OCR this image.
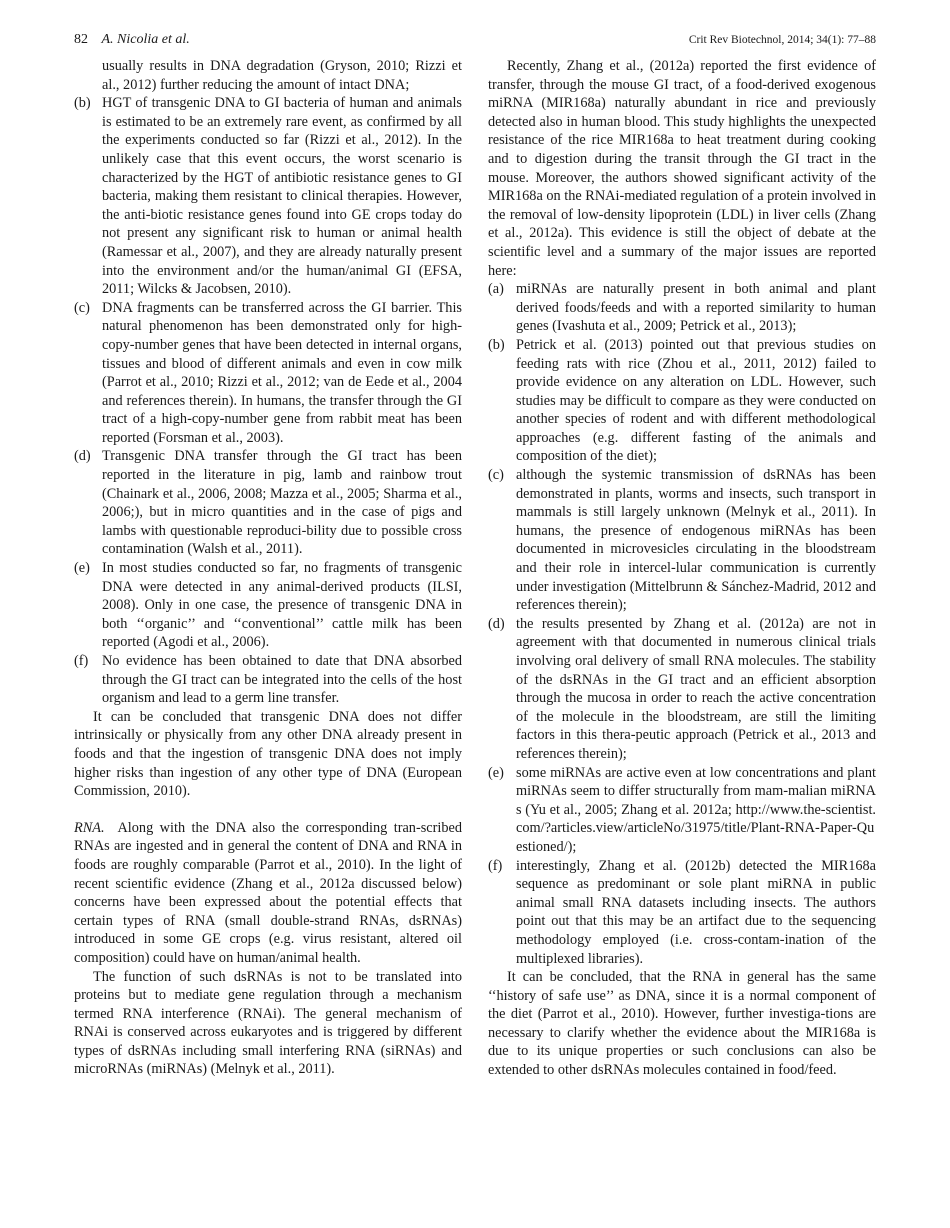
82 A. Nicolia et al.	Crit Rev Biotechnol, 2014; 34(1): 77–88

usually results in DNA degradation (Gryson, 2010; Rizzi et al., 2012) further reducing the amount of intact DNA;

(b) HGT of transgenic DNA to GI bacteria of human and animals is estimated to be an extremely rare event, as confirmed by all the experiments conducted so far (Rizzi et al., 2012). In the unlikely case that this event occurs, the worst scenario is characterized by the HGT of antibiotic resistance genes to GI bacteria, making them resistant to clinical therapies. However, the anti-biotic resistance genes found into GE crops today do not present any significant risk to human or animal health (Ramessar et al., 2007), and they are already naturally present into the environment and/or the human/animal GI (EFSA, 2011; Wilcks & Jacobsen, 2010).
(c) DNA fragments can be transferred across the GI barrier. This natural phenomenon has been demonstrated only for high-copy-number genes that have been detected in internal organs, tissues and blood of different animals and even in cow milk (Parrot et al., 2010; Rizzi et al., 2012; van de Eede et al., 2004 and references therein). In humans, the transfer through the GI tract of a high-copy-number gene from rabbit meat has been reported (Forsman et al., 2003).
(d) Transgenic DNA transfer through the GI tract has been reported in the literature in pig, lamb and rainbow trout (Chainark et al., 2006, 2008; Mazza et al., 2005; Sharma et al., 2006;), but in micro quantities and in the case of pigs and lambs with questionable reproduci-bility due to possible cross contamination (Walsh et al., 2011).
(e) In most studies conducted so far, no fragments of transgenic DNA were detected in any animal-derived products (ILSI, 2008). Only in one case, the presence of transgenic DNA in both ‘‘organic’’ and ‘‘conventional’’ cattle milk has been reported (Agodi et al., 2006).
(f) No evidence has been obtained to date that DNA absorbed through the GI tract can be integrated into the cells of the host organism and lead to a germ line transfer.

It can be concluded that transgenic DNA does not differ intrinsically or physically from any other DNA already present in foods and that the ingestion of transgenic DNA does not imply higher risks than ingestion of any other type of DNA (European Commission, 2010).

RNA. Along with the DNA also the corresponding tran-scribed RNAs are ingested and in general the content of DNA and RNA in foods are roughly comparable (Parrot et al., 2010). In the light of recent scientific evidence (Zhang et al., 2012a discussed below) concerns have been expressed about the potential effects that certain types of RNA (small double-strand RNAs, dsRNAs) introduced in some GE crops (e.g. virus resistant, altered oil composition) could have on human/animal health.

The function of such dsRNAs is not to be translated into proteins but to mediate gene regulation through a mechanism termed RNA interference (RNAi). The general mechanism of RNAi is conserved across eukaryotes and is triggered by different types of dsRNAs including small interfering RNA (siRNAs) and microRNAs (miRNAs) (Melnyk et al., 2011).

Recently, Zhang et al., (2012a) reported the first evidence of transfer, through the mouse GI tract, of a food-derived exogenous miRNA (MIR168a) naturally abundant in rice and previously detected also in human blood. This study highlights the unexpected resistance of the rice MIR168a to heat treatment during cooking and to digestion during the transit through the GI tract in the mouse. Moreover, the authors showed significant activity of the MIR168a on the RNAi-mediated regulation of a protein involved in the removal of low-density lipoprotein (LDL) in liver cells (Zhang et al., 2012a). This evidence is still the object of debate at the scientific level and a summary of the major issues are reported here:

(a) miRNAs are naturally present in both animal and plant derived foods/feeds and with a reported similarity to human genes (Ivashuta et al., 2009; Petrick et al., 2013);
(b) Petrick et al. (2013) pointed out that previous studies on feeding rats with rice (Zhou et al., 2011, 2012) failed to provide evidence on any alteration on LDL. However, such studies may be difficult to compare as they were conducted on another species of rodent and with different methodological approaches (e.g. different fasting of the animals and composition of the diet);
(c) although the systemic transmission of dsRNAs has been demonstrated in plants, worms and insects, such transport in mammals is still largely unknown (Melnyk et al., 2011). In humans, the presence of endogenous miRNAs has been documented in microvesicles circulating in the bloodstream and their role in intercel-lular communication is currently under investigation (Mittelbrunn & Sánchez-Madrid, 2012 and references therein);
(d) the results presented by Zhang et al. (2012a) are not in agreement with that documented in numerous clinical trials involving oral delivery of small RNA molecules. The stability of the dsRNAs in the GI tract and an efficient absorption through the mucosa in order to reach the active concentration of the molecule in the bloodstream, are still the limiting factors in this thera-peutic approach (Petrick et al., 2013 and references therein);
(e) some miRNAs are active even at low concentrations and plant miRNAs seem to differ structurally from mam-malian miRNAs (Yu et al., 2005; Zhang et al. 2012a; http://www.the-scientist.com/?articles.view/articleNo/31975/title/Plant-RNA-Paper-Questioned/);
(f) interestingly, Zhang et al. (2012b) detected the MIR168a sequence as predominant or sole plant miRNA in public animal small RNA datasets including insects. The authors point out that this may be an artifact due to the sequencing methodology employed (i.e. cross-contam-ination of the multiplexed libraries).

It can be concluded, that the RNA in general has the same ‘‘history of safe use’’ as DNA, since it is a normal component of the diet (Parrot et al., 2010). However, further investiga-tions are necessary to clarify whether the evidence about the MIR168a is due to its unique properties or such conclusions can also be extended to other dsRNAs molecules contained in food/feed.
